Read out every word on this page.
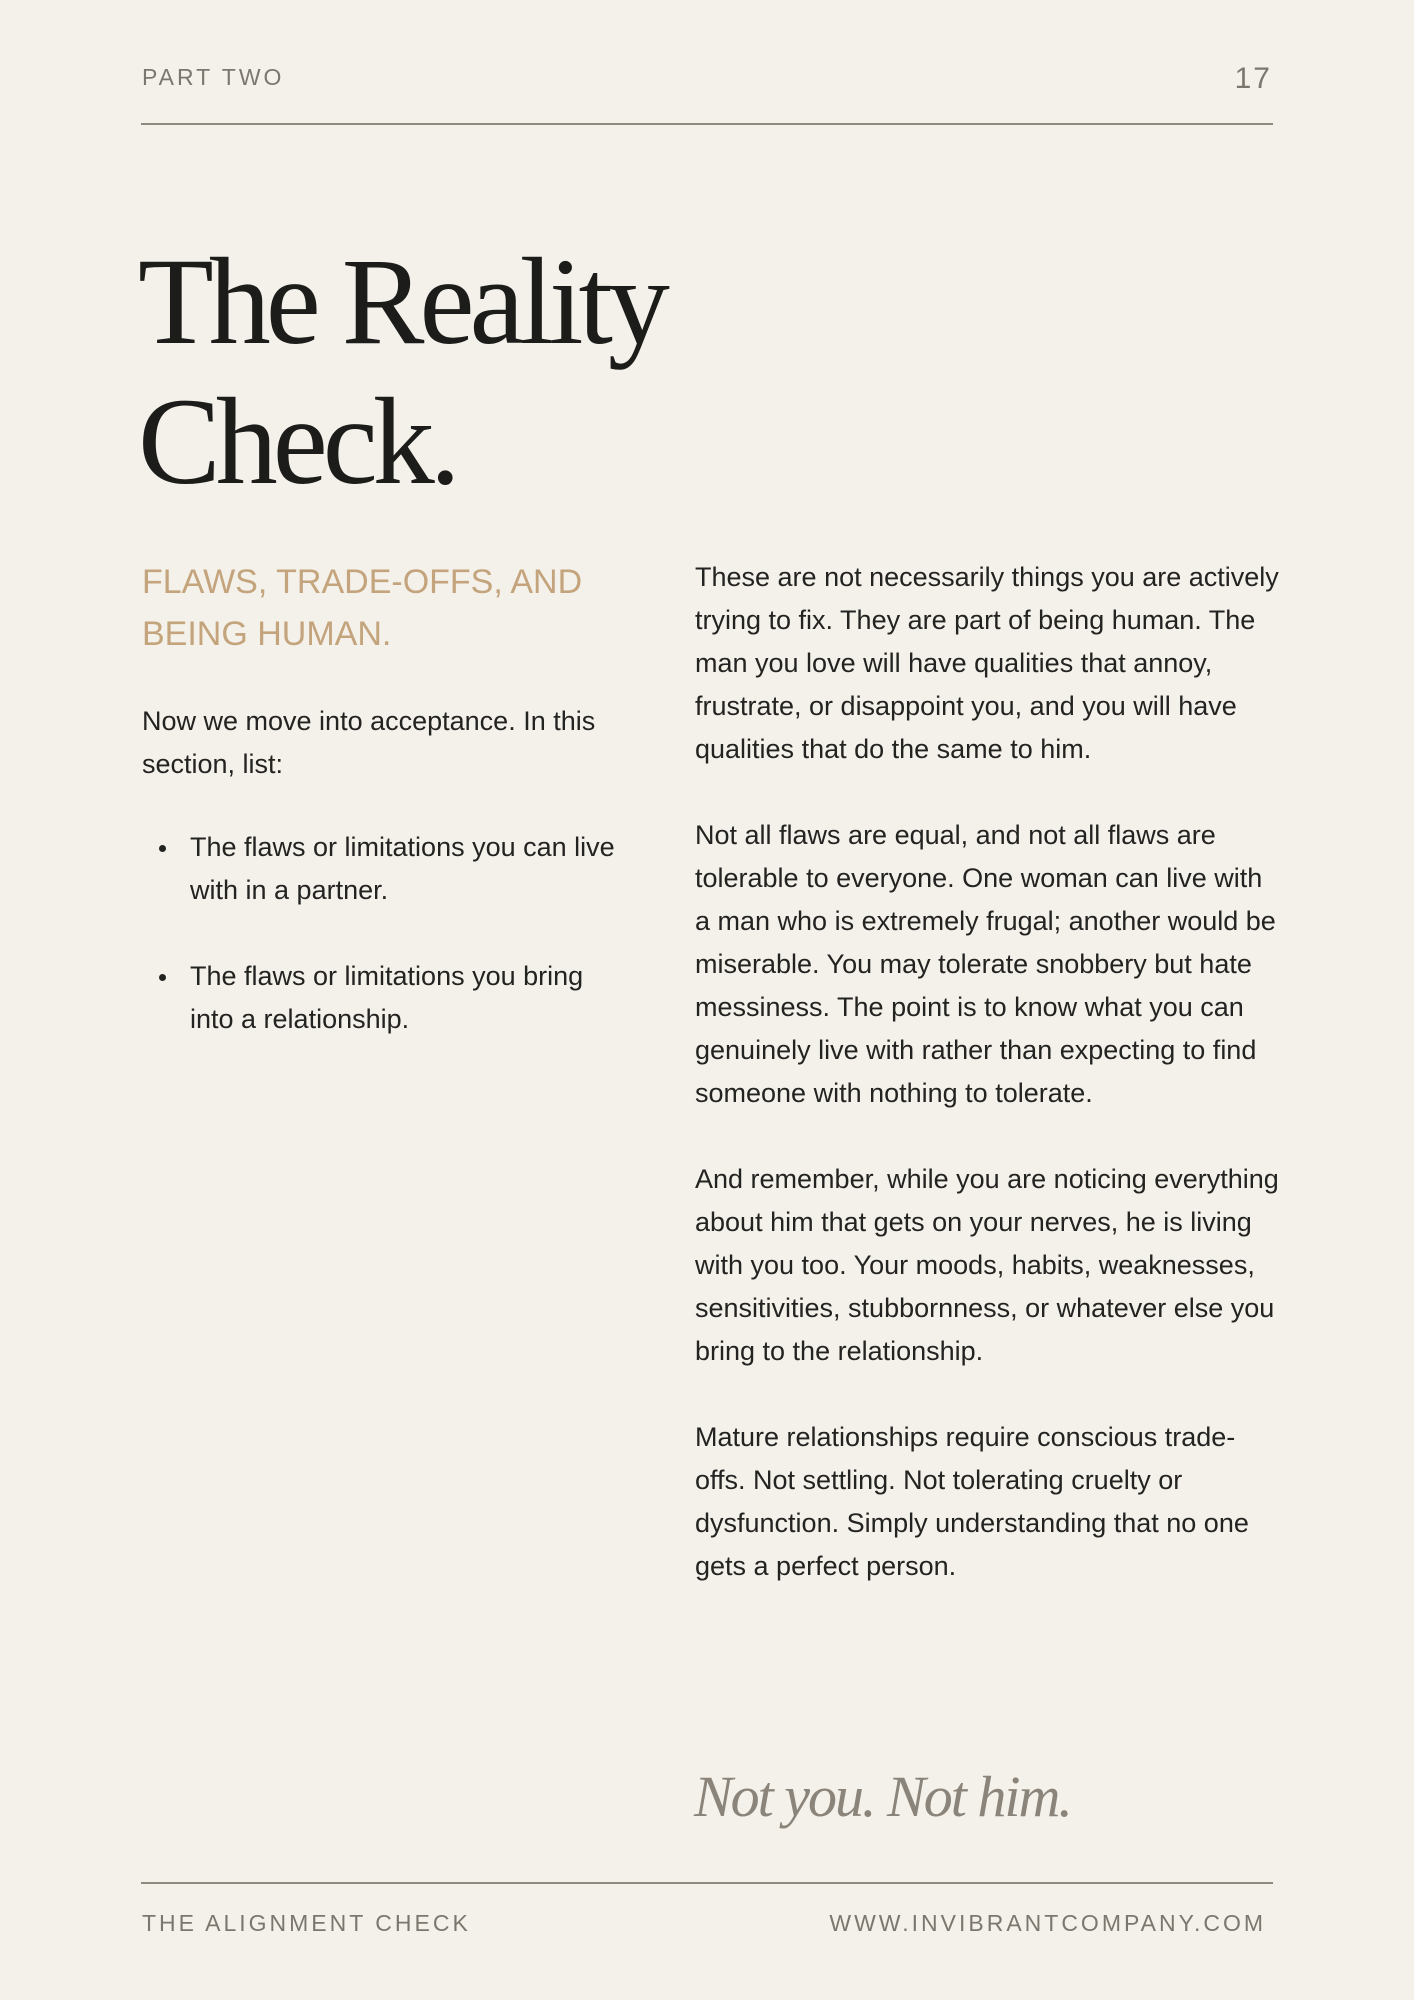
PART TWO	17
The Reality
Check.
FLAWS, TRADE-OFFS, AND BEING HUMAN.

Now we move into acceptance. In this section, list:

The flaws or limitations you can live with in a partner.
The flaws or limitations you bring into a relationship.

These are not necessarily things you are actively trying to fix. They are part of being human. The man you love will have qualities that annoy, frustrate, or disappoint you, and you will have qualities that do the same to him.

Not all flaws are equal, and not all flaws are tolerable to everyone. One woman can live with a man who is extremely frugal; another would be miserable. You may tolerate snobbery but hate messiness. The point is to know what you can genuinely live with rather than expecting to find someone with nothing to tolerate.

And remember, while you are noticing everything about him that gets on your nerves, he is living with you too. Your moods, habits, weaknesses, sensitivities, stubbornness, or whatever else you bring to the relationship.

Mature relationships require conscious trade-offs. Not settling. Not tolerating cruelty or dysfunction. Simply understanding that no one gets a perfect person.

Not you. Not him.

THE ALIGNMENT CHECK	WWW.INVIBRANTCOMPANY.COM
